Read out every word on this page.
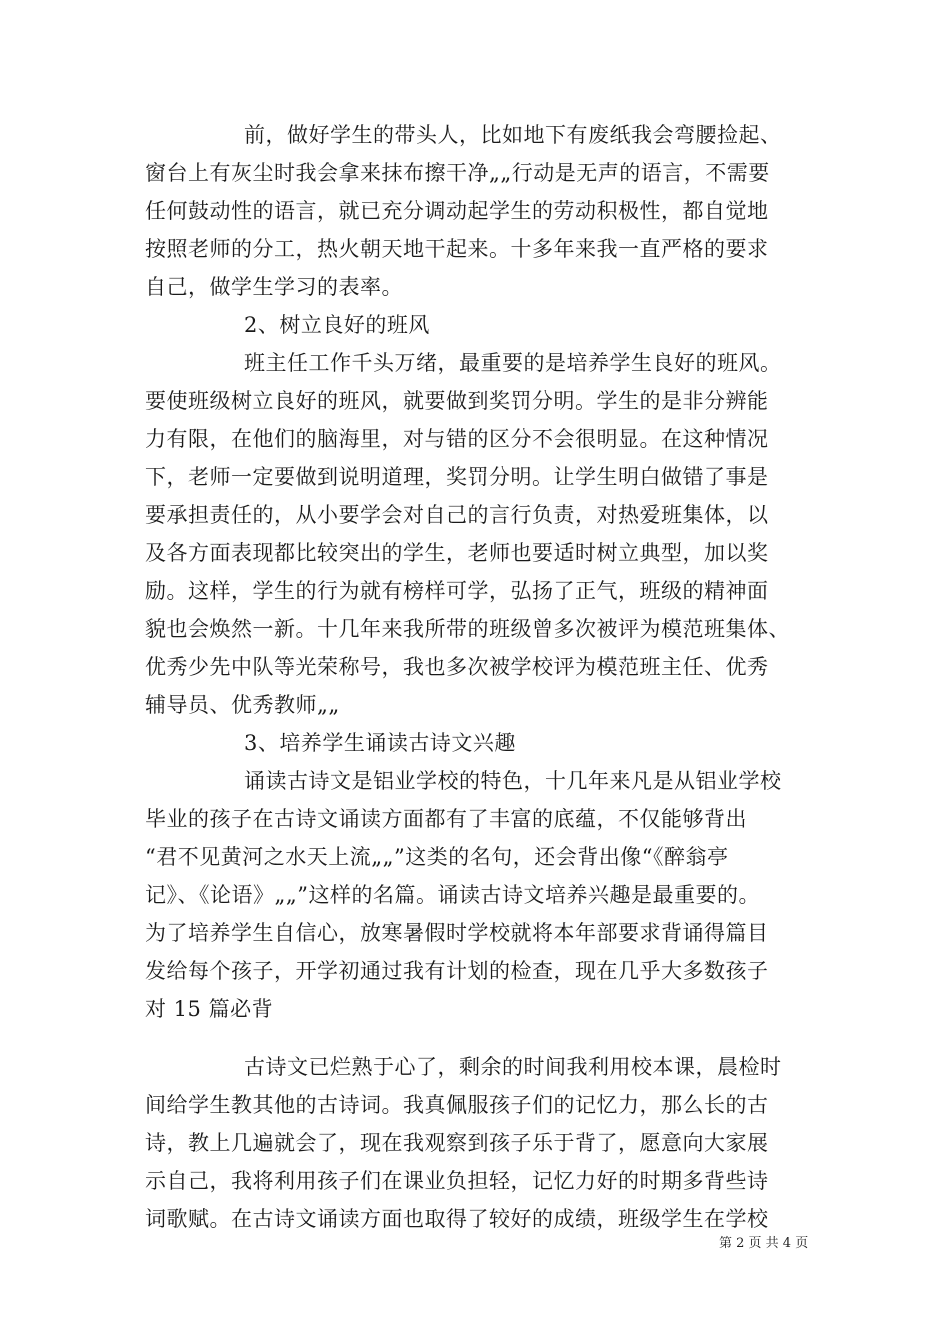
前，做好学生的带头人，比如地下有废纸我会弯腰捡起、
窗台上有灰尘时我会拿来抹布擦干净„„行动是无声的语言，不需要
任何鼓动性的语言，就已充分调动起学生的劳动积极性，都自觉地
按照老师的分工，热火朝天地干起来。十多年来我一直严格的要求
自己，做学生学习的表率。
2、树立良好的班风
班主任工作千头万绪，最重要的是培养学生良好的班风。
要使班级树立良好的班风，就要做到奖罚分明。学生的是非分辨能
力有限，在他们的脑海里，对与错的区分不会很明显。在这种情况
下，老师一定要做到说明道理，奖罚分明。让学生明白做错了事是
要承担责任的，从小要学会对自己的言行负责，对热爱班集体，以
及各方面表现都比较突出的学生，老师也要适时树立典型，加以奖
励。这样，学生的行为就有榜样可学，弘扬了正气，班级的精神面
貌也会焕然一新。十几年来我所带的班级曾多次被评为模范班集体、
优秀少先中队等光荣称号，我也多次被学校评为模范班主任、优秀
辅导员、优秀教师„„
3、培养学生诵读古诗文兴趣
诵读古诗文是铝业学校的特色，十几年来凡是从铝业学校
毕业的孩子在古诗文诵读方面都有了丰富的底蕴，不仅能够背出
“君不见黄河之水天上流„„”这类的名句，还会背出像“《醉翁亭
记》、《论语》„„”这样的名篇。诵读古诗文培养兴趣是最重要的。
为了培养学生自信心，放寒暑假时学校就将本年部要求背诵得篇目
发给每个孩子，开学初通过我有计划的检查，现在几乎大多数孩子
对 15 篇必背
古诗文已烂熟于心了，剩余的时间我利用校本课，晨检时
间给学生教其他的古诗词。我真佩服孩子们的记忆力，那么长的古
诗，教上几遍就会了，现在我观察到孩子乐于背了，愿意向大家展
示自己，我将利用孩子们在课业负担轻，记忆力好的时期多背些诗
词歌赋。在古诗文诵读方面也取得了较好的成绩，班级学生在学校
第 2 页 共 4 页
